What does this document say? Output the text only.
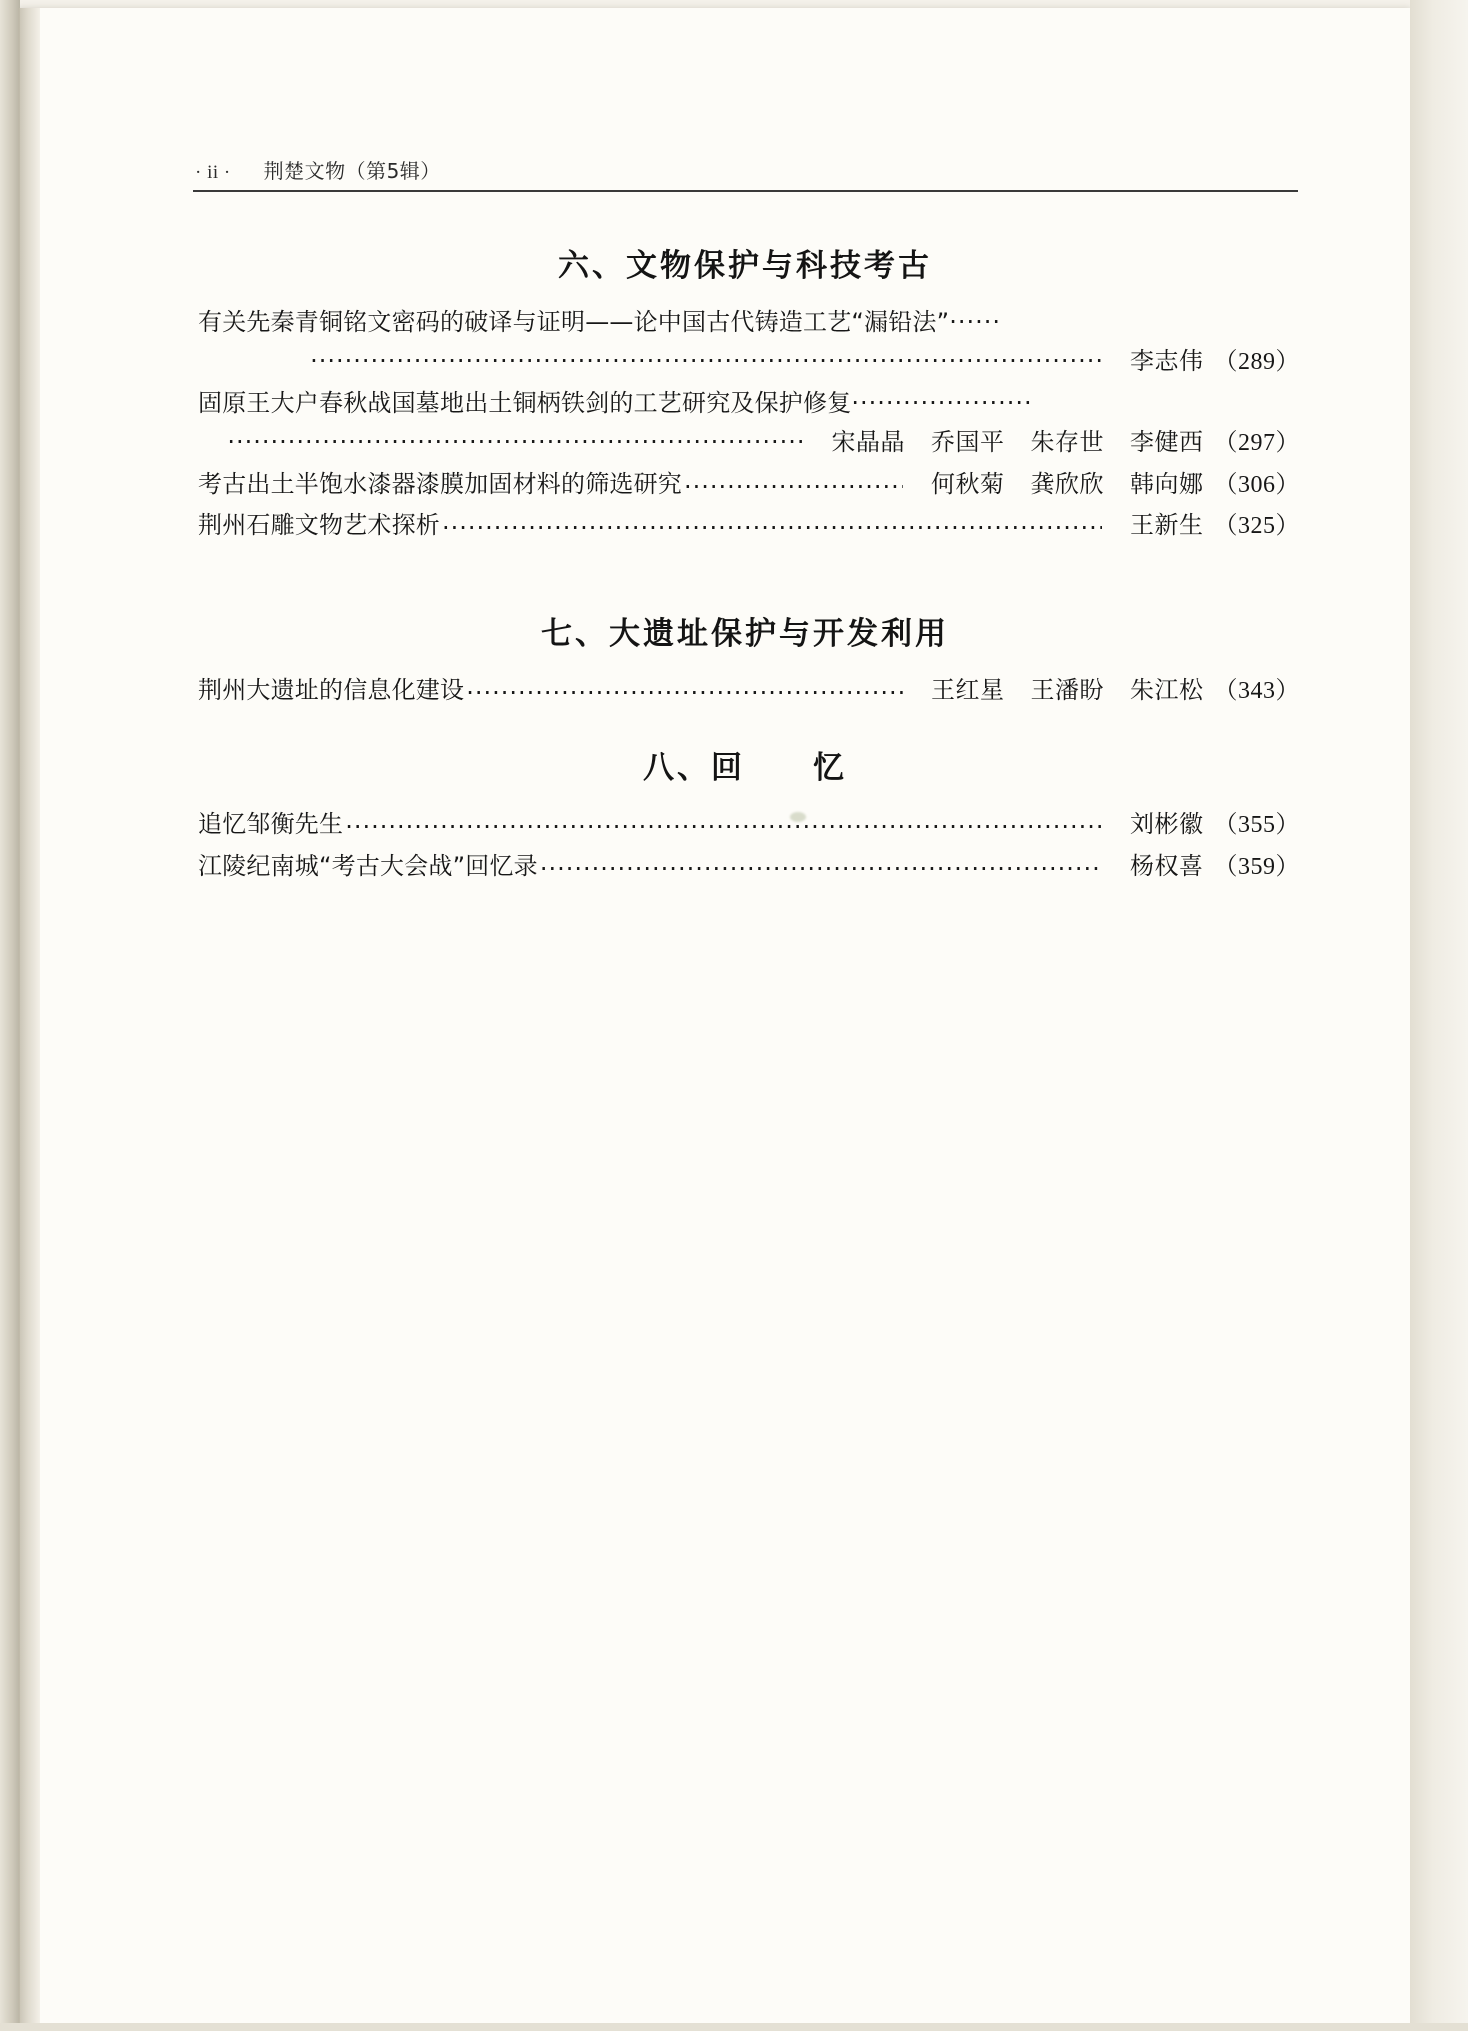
· ii · 荆楚文物（第5辑）
六、文物保护与科技考古
有关先秦青铜铭文密码的破译与证明——论中国古代铸造工艺“漏铅法”······
···························································································· 李志伟 （289）
固原王大户春秋战国墓地出土铜柄铁剑的工艺研究及保护修复·····················
··································································· 宋晶晶 乔国平 朱存世 李健西 （297）
考古出土半饱水漆器漆膜加固材料的筛选研究 ·····	何秋菊 龚欣欣 韩向娜 （306）
荆州石雕文物艺术探析 ·····	王新生 （325）
七、大遗址保护与开发利用
荆州大遗址的信息化建设 ·····	王红星 王潘盼 朱江松 （343）
八、回　　忆
追忆邹衡先生 ·····	刘彬徽 （355）
江陵纪南城“考古大会战”回忆录 ·····	杨权喜 （359）
